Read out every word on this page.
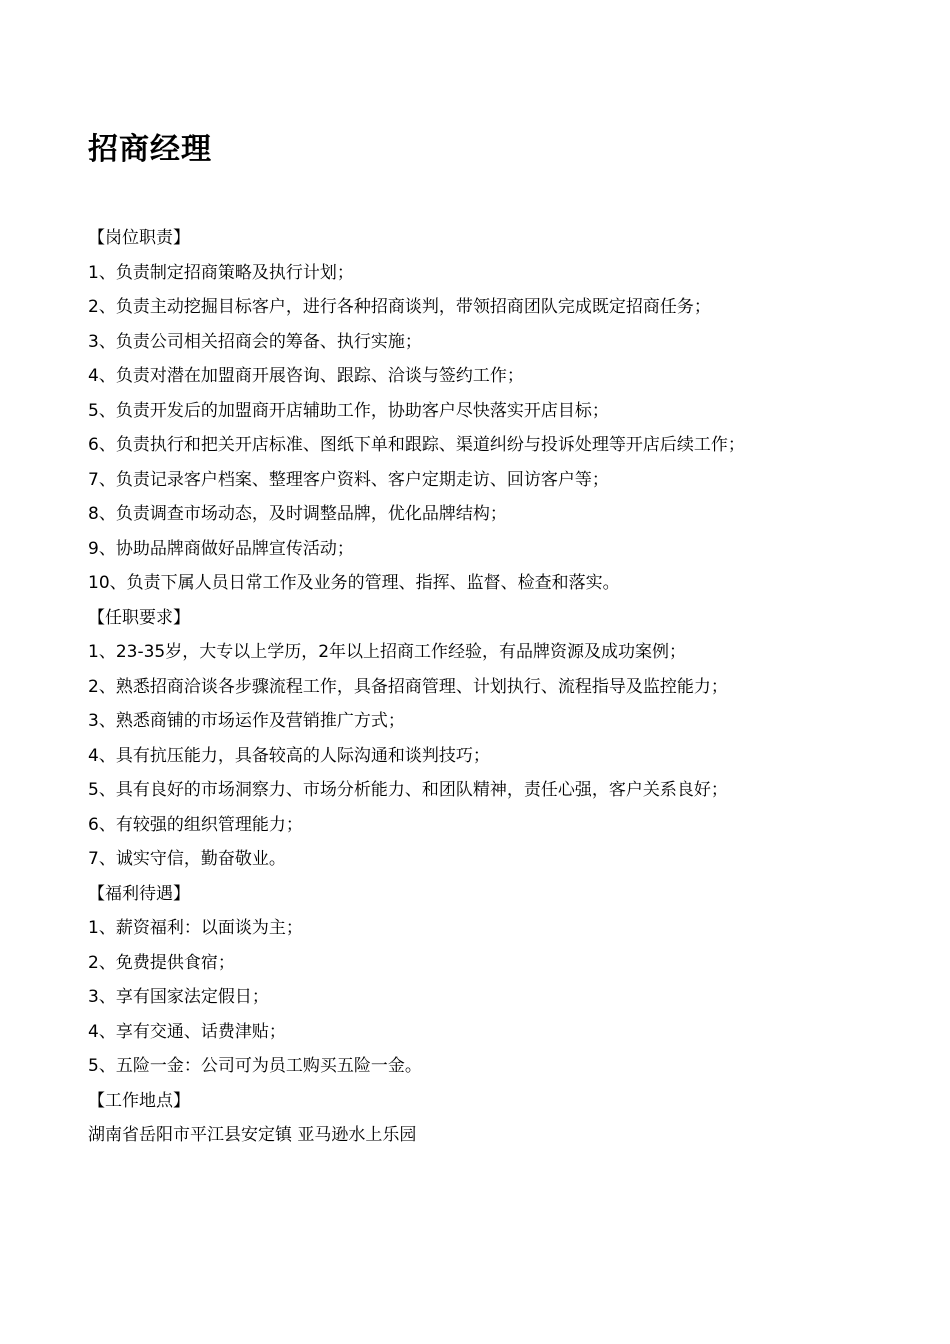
招商经理

【岗位职责】

1、负责制定招商策略及执行计划；

2、负责主动挖掘目标客户，进行各种招商谈判，带领招商团队完成既定招商任务；

3、负责公司相关招商会的筹备、执行实施；

4、负责对潜在加盟商开展咨询、跟踪、洽谈与签约工作；

5、负责开发后的加盟商开店辅助工作，协助客户尽快落实开店目标；

6、负责执行和把关开店标准、图纸下单和跟踪、渠道纠纷与投诉处理等开店后续工作；

7、负责记录客户档案、整理客户资料、客户定期走访、回访客户等；

8、负责调查市场动态，及时调整品牌，优化品牌结构；

9、协助品牌商做好品牌宣传活动；

10、负责下属人员日常工作及业务的管理、指挥、监督、检查和落实。

【任职要求】

1、23-35岁，大专以上学历，2年以上招商工作经验，有品牌资源及成功案例；

2、熟悉招商洽谈各步骤流程工作，具备招商管理、计划执行、流程指导及监控能力；

3、熟悉商铺的市场运作及营销推广方式；

4、具有抗压能力，具备较高的人际沟通和谈判技巧；

5、具有良好的市场洞察力、市场分析能力、和团队精神，责任心强，客户关系良好；

6、有较强的组织管理能力；

7、诚实守信，勤奋敬业。

【福利待遇】

1、薪资福利：以面谈为主；

2、免费提供食宿；

3、享有国家法定假日；

4、享有交通、话费津贴；

5、五险一金：公司可为员工购买五险一金。

【工作地点】

湖南省岳阳市平江县安定镇 亚马逊水上乐园
